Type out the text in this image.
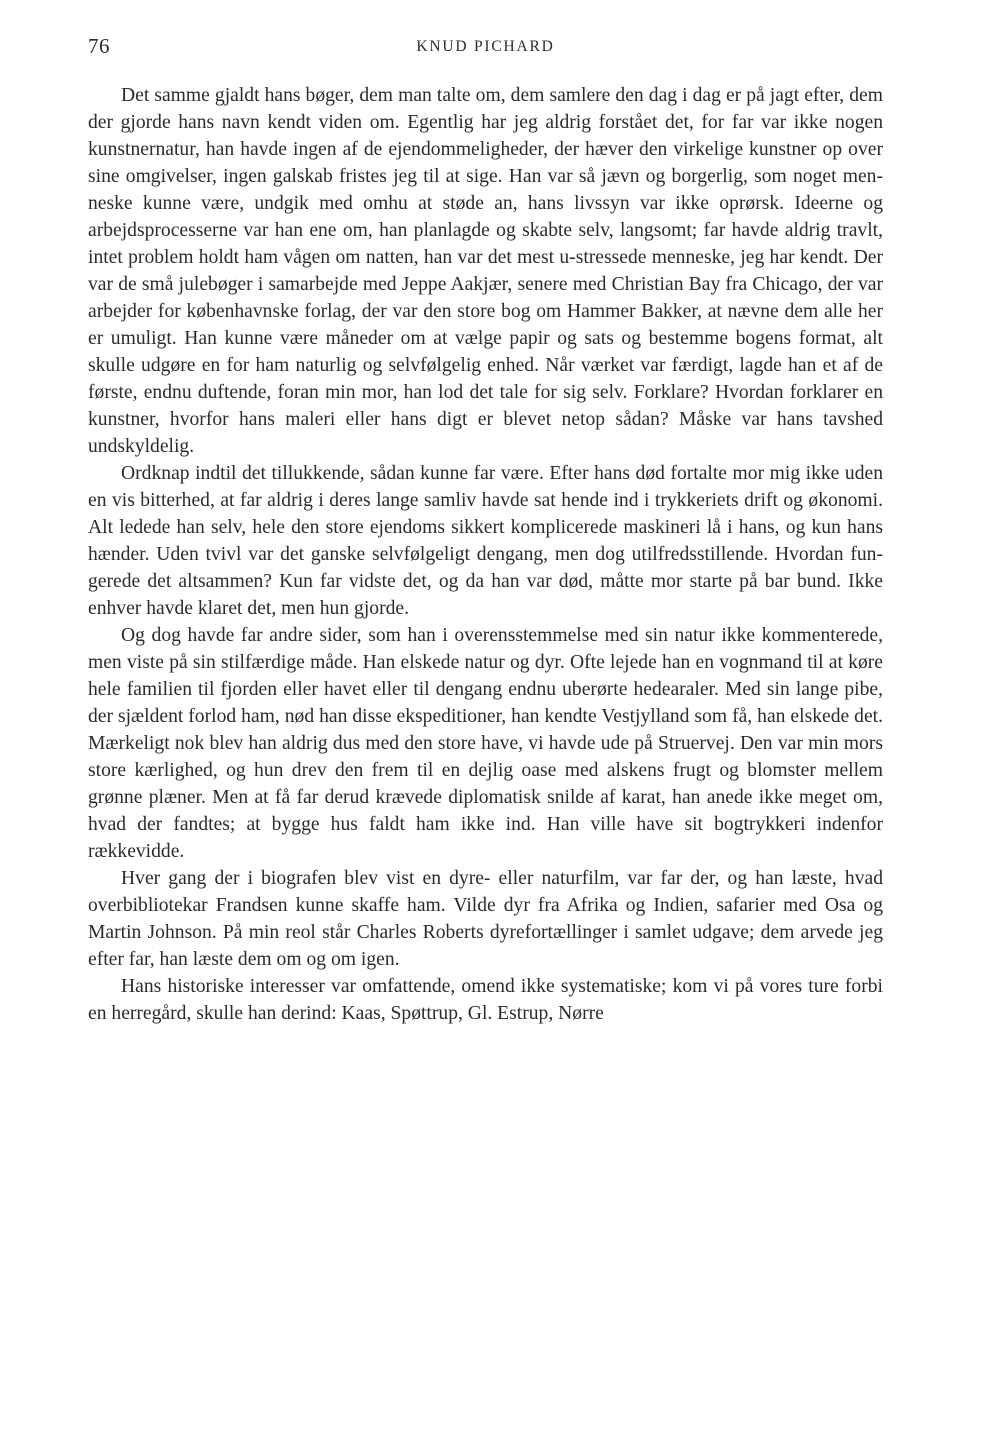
76	KNUD PICHARD

Det samme gjaldt hans bøger, dem man talte om, dem samlere den dag i dag er på jagt efter, dem der gjorde hans navn kendt viden om. Egentlig har jeg aldrig forstået det, for far var ikke nogen kunstnernatur, han havde ingen af de ejendommeligheder, der hæver den virkelige kunstner op over sine omgivelser, ingen galskab fristes jeg til at sige. Han var så jævn og borgerlig, som noget menneske kunne være, undgik med omhu at støde an, hans livssyn var ikke oprørsk. Ideerne og arbejdsprocesserne var han ene om, han planlagde og skabte selv, langsomt; far havde aldrig travlt, intet problem holdt ham vågen om natten, han var det mest u-stressede menneske, jeg har kendt. Der var de små julebøger i samarbejde med Jeppe Aakjær, senere med Christian Bay fra Chicago, der var arbejder for københavnske forlag, der var den store bog om Hammer Bakker, at nævne dem alle her er umuligt. Han kunne være måneder om at vælge papir og sats og bestemme bogens format, alt skulle udgøre en for ham naturlig og selvfølgelig enhed. Når værket var færdigt, lagde han et af de første, endnu duftende, foran min mor, han lod det tale for sig selv. Forklare? Hvordan forklarer en kunstner, hvorfor hans maleri eller hans digt er blevet netop sådan? Måske var hans tavshed undskyldelig.

Ordknap indtil det tillukkende, sådan kunne far være. Efter hans død fortalte mor mig ikke uden en vis bitterhed, at far aldrig i deres lange samliv havde sat hende ind i trykkeriets drift og økonomi. Alt ledede han selv, hele den store ejendoms sikkert komplicerede maskineri lå i hans, og kun hans hænder. Uden tvivl var det ganske selvfølgeligt dengang, men dog utilfredsstillende. Hvordan fungerede det altsammen? Kun far vidste det, og da han var død, måtte mor starte på bar bund. Ikke enhver havde klaret det, men hun gjorde.

Og dog havde far andre sider, som han i overensstemmelse med sin natur ikke kommenterede, men viste på sin stilfærdige måde. Han elskede natur og dyr. Ofte lejede han en vognmand til at køre hele familien til fjorden eller havet eller til dengang endnu uberørte hedearaler. Med sin lange pibe, der sjældent forlod ham, nød han disse ekspeditioner, han kendte Vestjylland som få, han elskede det. Mærkeligt nok blev han aldrig dus med den store have, vi havde ude på Struervej. Den var min mors store kærlighed, og hun drev den frem til en dejlig oase med alskens frugt og blomster mellem grønne plæner. Men at få far derud krævede diplomatisk snilde af karat, han anede ikke meget om, hvad der fandtes; at bygge hus faldt ham ikke ind. Han ville have sit bogtrykkeri indenfor rækkevidde.

Hver gang der i biografen blev vist en dyre- eller naturfilm, var far der, og han læste, hvad overbibliotekar Frandsen kunne skaffe ham. Vilde dyr fra Afrika og Indien, safarier med Osa og Martin Johnson. På min reol står Charles Roberts dyrefortællinger i samlet udgave; dem arvede jeg efter far, han læste dem om og om igen.

Hans historiske interesser var omfattende, omend ikke systematiske; kom vi på vores ture forbi en herregård, skulle han derind: Kaas, Spøttrup, Gl. Estrup, Nørre
